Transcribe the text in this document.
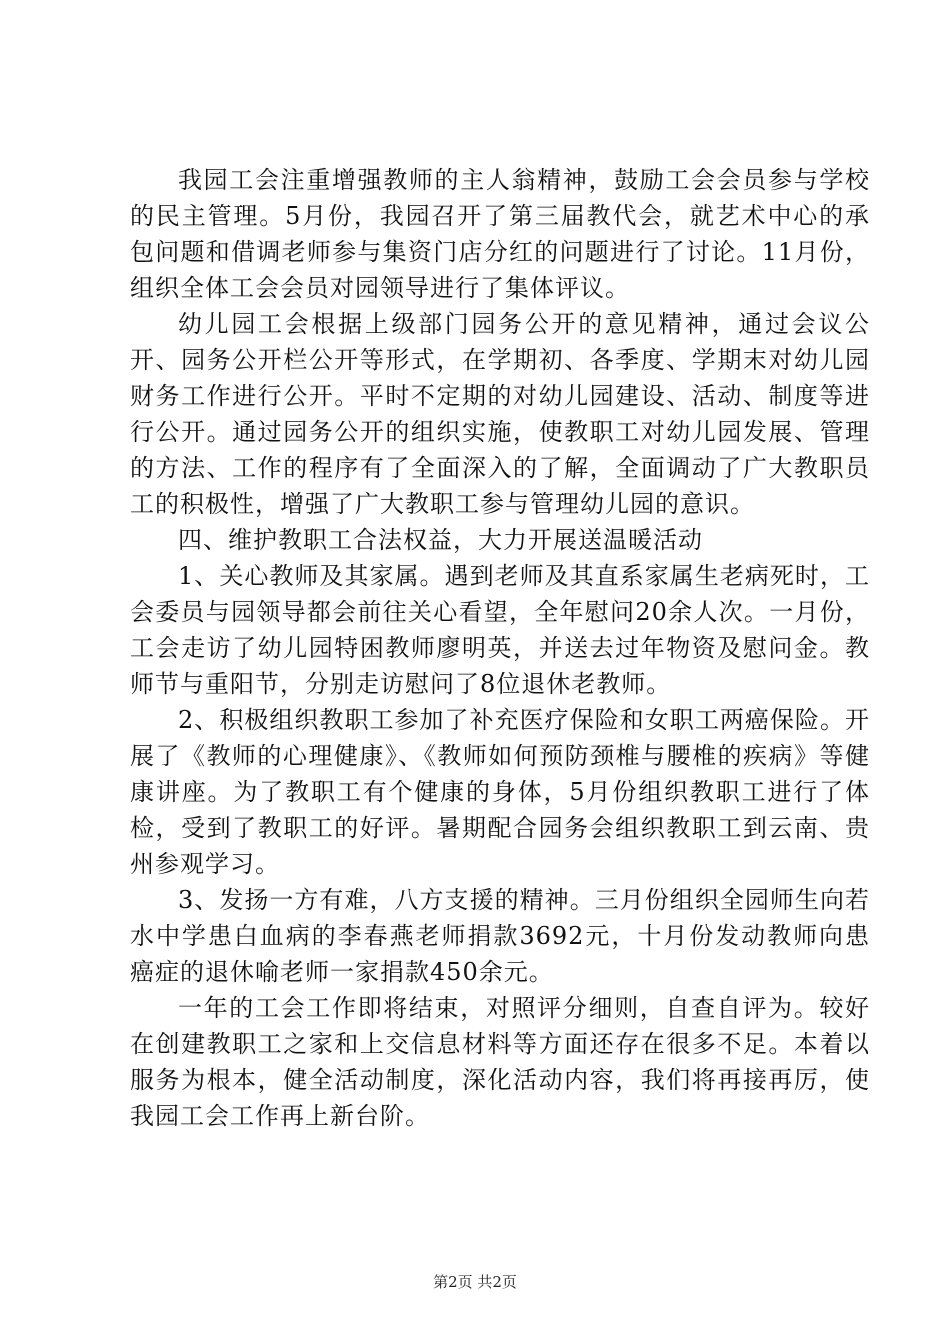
我园工会注重增强教师的主人翁精神，鼓励工会会员参与学校的民主管理。5月份，我园召开了第三届教代会，就艺术中心的承包问题和借调老师参与集资门店分红的问题进行了讨论。11月份，组织全体工会会员对园领导进行了集体评议。

幼儿园工会根据上级部门园务公开的意见精神，通过会议公开、园务公开栏公开等形式，在学期初、各季度、学期末对幼儿园财务工作进行公开。平时不定期的对幼儿园建设、活动、制度等进行公开。通过园务公开的组织实施，使教职工对幼儿园发展、管理的方法、工作的程序有了全面深入的了解，全面调动了广大教职员工的积极性，增强了广大教职工参与管理幼儿园的意识。

四、维护教职工合法权益，大力开展送温暖活动

1、关心教师及其家属。遇到老师及其直系家属生老病死时，工会委员与园领导都会前往关心看望，全年慰问20余人次。一月份，工会走访了幼儿园特困教师廖明英，并送去过年物资及慰问金。教师节与重阳节，分别走访慰问了8位退休老教师。

2、积极组织教职工参加了补充医疗保险和女职工两癌保险。开展了《教师的心理健康》、《教师如何预防颈椎与腰椎的疾病》等健康讲座。为了教职工有个健康的身体，5月份组织教职工进行了体检，受到了教职工的好评。暑期配合园务会组织教职工到云南、贵州参观学习。

3、发扬一方有难，八方支援的精神。三月份组织全园师生向若水中学患白血病的李春燕老师捐款3692元，十月份发动教师向患癌症的退休喻老师一家捐款450余元。

一年的工会工作即将结束，对照评分细则，自查自评为。较好在创建教职工之家和上交信息材料等方面还存在很多不足。本着以服务为根本，健全活动制度，深化活动内容，我们将再接再厉，使我园工会工作再上新台阶。

第2页 共2页
